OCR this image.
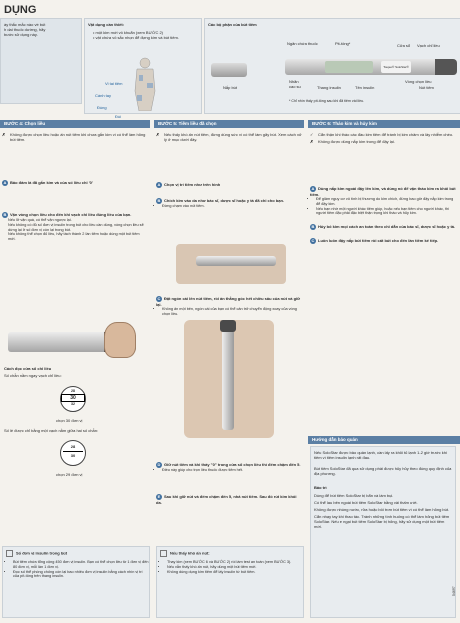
DỤNG
ày thắc mắc nào về bút
h dai thuốc dường, hãy
bước sử dụng này.
Vật dụng cần thiết:
• một kim mới vô khuẩn (xem BƯỚC 2)
• vật chứa vô sắc nhọn để đựng kim và bút tiêm.
Vi tai tiêm
Cánh tay
Đùng
Đùi
Các bộ phận của bút tiêm
Ngăn chứa thuốc	Pit-tông*	Cửa sổ Vạch chỉ liều
Toujeo® SoloStar®
Nắp bút
Nhãn
cao su	Thang insulin	Tên insulin
Vòng chọn liều
Nút tiêm
* Chỉ nhìn thấy pít-tông sau khi đã tiêm vài liều.
BƯỚC 4: Chọn liều
✗ Không được chọn liều hoặc ấn nút tiêm khi chưa gắn kim vì có thể làm hỏng bút tiêm.
A Bảo đảm là đã gắn kim và của số liều chỉ '0'
B Vặn vòng chọn liều cho đến khi vạch chỉ liều đúng liều của bạn.
• Nếu lỡ vặn quá, có thể vặn ngược lại.
• Nếu không có đủ số đơn vị insulin trong bút cho liều cần dùng, vòng chọn liều sẽ dừng lại ở số đơn vị còn lại trong bút.
• Nếu không thể chọn đủ liều, hãy tách thành 2 lần tiêm hoặc dùng một bút tiêm mới.
Cách đọc cửa sổ chỉ liều
Số chẵn nằm ngay vạch chỉ liều:
28
30
32
chọn 30 đơn vị
Số lẻ được chỉ bằng một vạch nằm giữa hai số chẵn:
28
30
chọn 29 đơn vị
Số đơn vị insulin trong bút
• Bút tiêm chứa tổng cộng 450 đơn vị insulin. Bạn có thể chọn liều từ 1 đơn vị đến 80 đơn vị, mỗi lần 1 đơn vị.
• Đọc số thể phòng chống còn lại bao nhiêu đơn vị insulin bằng cách nhìn vị trí của pít-tông trên thang insulin.
BƯỚC 5: Tiêm liều đã chọn
✗ Nếu thấy khó ấn nút tiêm, đừng dùng sức vì có thể làm gãy bút. Xem cách xử lý ở mục dưới đây.
A Chọn vị trí tiêm như trên hình
B Chích kim vào da như bác sĩ, dược sĩ hoặc y tá đã chỉ cho bạn.
• Đừng chạm vào nút tiêm.
C Đặt ngón cái lên nút tiêm, rồi ấn thẳng góc hết chiều sâu của nút và giữ lại.
• Không ấn một bên, ngón cái của bạn có thể cản trở chuyển động xoay của vòng chọn liều.
D Giữ nút tiêm và khi thấy "0" trong cửa sổ chọn liều thì đếm chậm đến 5.
• Điều này giúp cho trọn liều thuốc được tiêm hết.
E Sau khi giữ nút và đếm chậm đến 5, nhả nút tiêm. Sau đó rút kim khỏi da.
Nếu thấy khó ấn nút:
• Thay kim (xem BƯỚC 6 và BƯỚC 2) rồi làm test an toàn (xem BƯỚC 3).
• Nếu vẫn thấy khó ấn nút, hãy dùng một bút tiêm mới.
• Không dùng dụng kim tiêm để lấy insulin từ bút tiêm.
BƯỚC 6: Tháo kim và hủy kim
✓ Cẩn thận khi tháo các đầu kim tiêm để tránh bị kim châm và lây nhiễm chéo.
✗ Không được dùng nắp kim trong để đậy lại.
A Dùng nắp kim ngoài đậy lên kim, và dùng nó để vặn tháo kim ra khỏi bút tiêm.
• Để giảm nguy cơ vô tình bị thương do kim chích, đừng bao giờ đậy nắp kim trong để đậy kim.
• Nếu bạn nhờ một người khác tiêm giúp, hoặc nếu bạn tiêm cho người khác, thì người tiêm đặc phải đặc biệt thận trọng khi tháo và hủy kim.
B Hủy bỏ kim mọi cách an toàn theo chỉ dẫn của bác sĩ, dược sĩ hoặc y tá.
C Luôn luôn đậy nắp bút tiêm rồi cất bút cho đến lần tiêm kế tiếp.
Hướng dẫn bảo quản
Nếu SoloStar được bảo quản lạnh, cần lấy ra khỏi tủ lạnh 1-2 giờ trước khi tiêm vì tiêm insulin lạnh rất đau.
Bút tiêm SoloStar đã qua sử dụng phải được hủy hủy theo đúng quy định của địa phương.
Bảo trì
Dùng để bút tiêm SoloStar bị bẩn và làm bụi.
Có thể lau bên ngoài bút tiêm SoloStar bằng vải thấm ướt.
Không được nhúng nước, rửa hoặc bôi trơn bút tiêm vì có thể làm hỏng bút.
Cẩn nhạy tay khi thao tác. Tránh những tình huống có thể làm hỏng bút tiêm SoloStar. Nếu e ngại bút tiêm SoloStar bị hỏng, hãy sử dụng một bút tiêm mới.
54697
